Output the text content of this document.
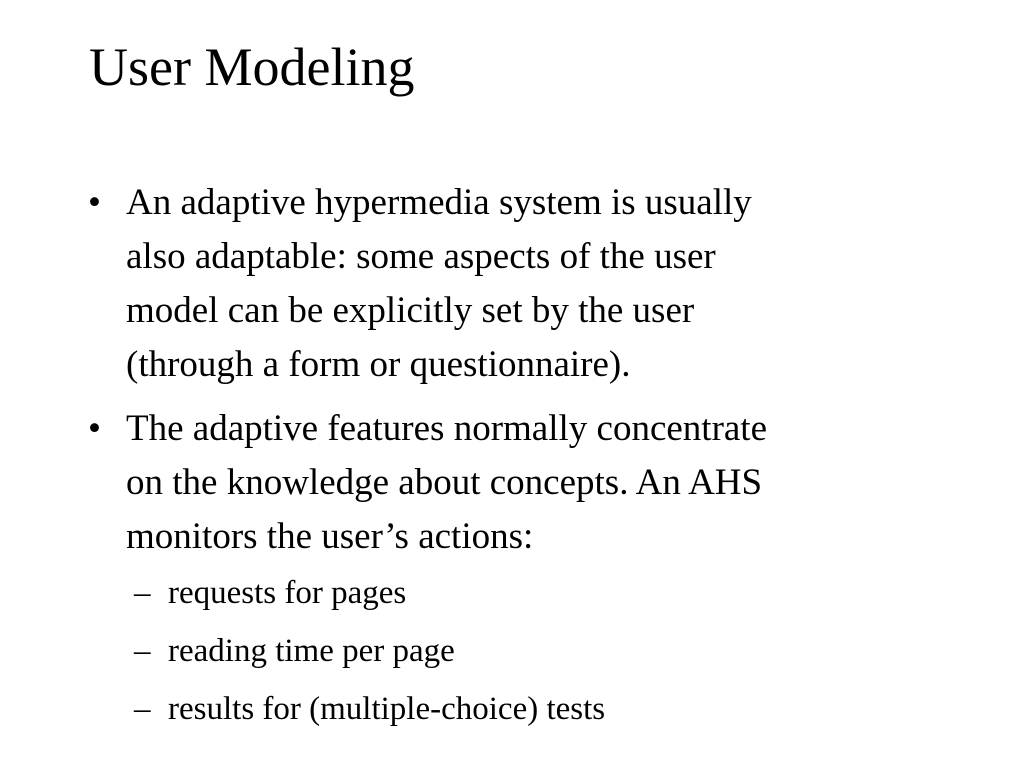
User Modeling
• An adaptive hypermedia system is usually
also adaptable: some aspects of the user
model can be explicitly set by the user
(through a form or questionnaire).
• The adaptive features normally concentrate
on the knowledge about concepts. An AHS
monitors the user’s actions:
– requests for pages
– reading time per page
– results for (multiple-choice) tests
